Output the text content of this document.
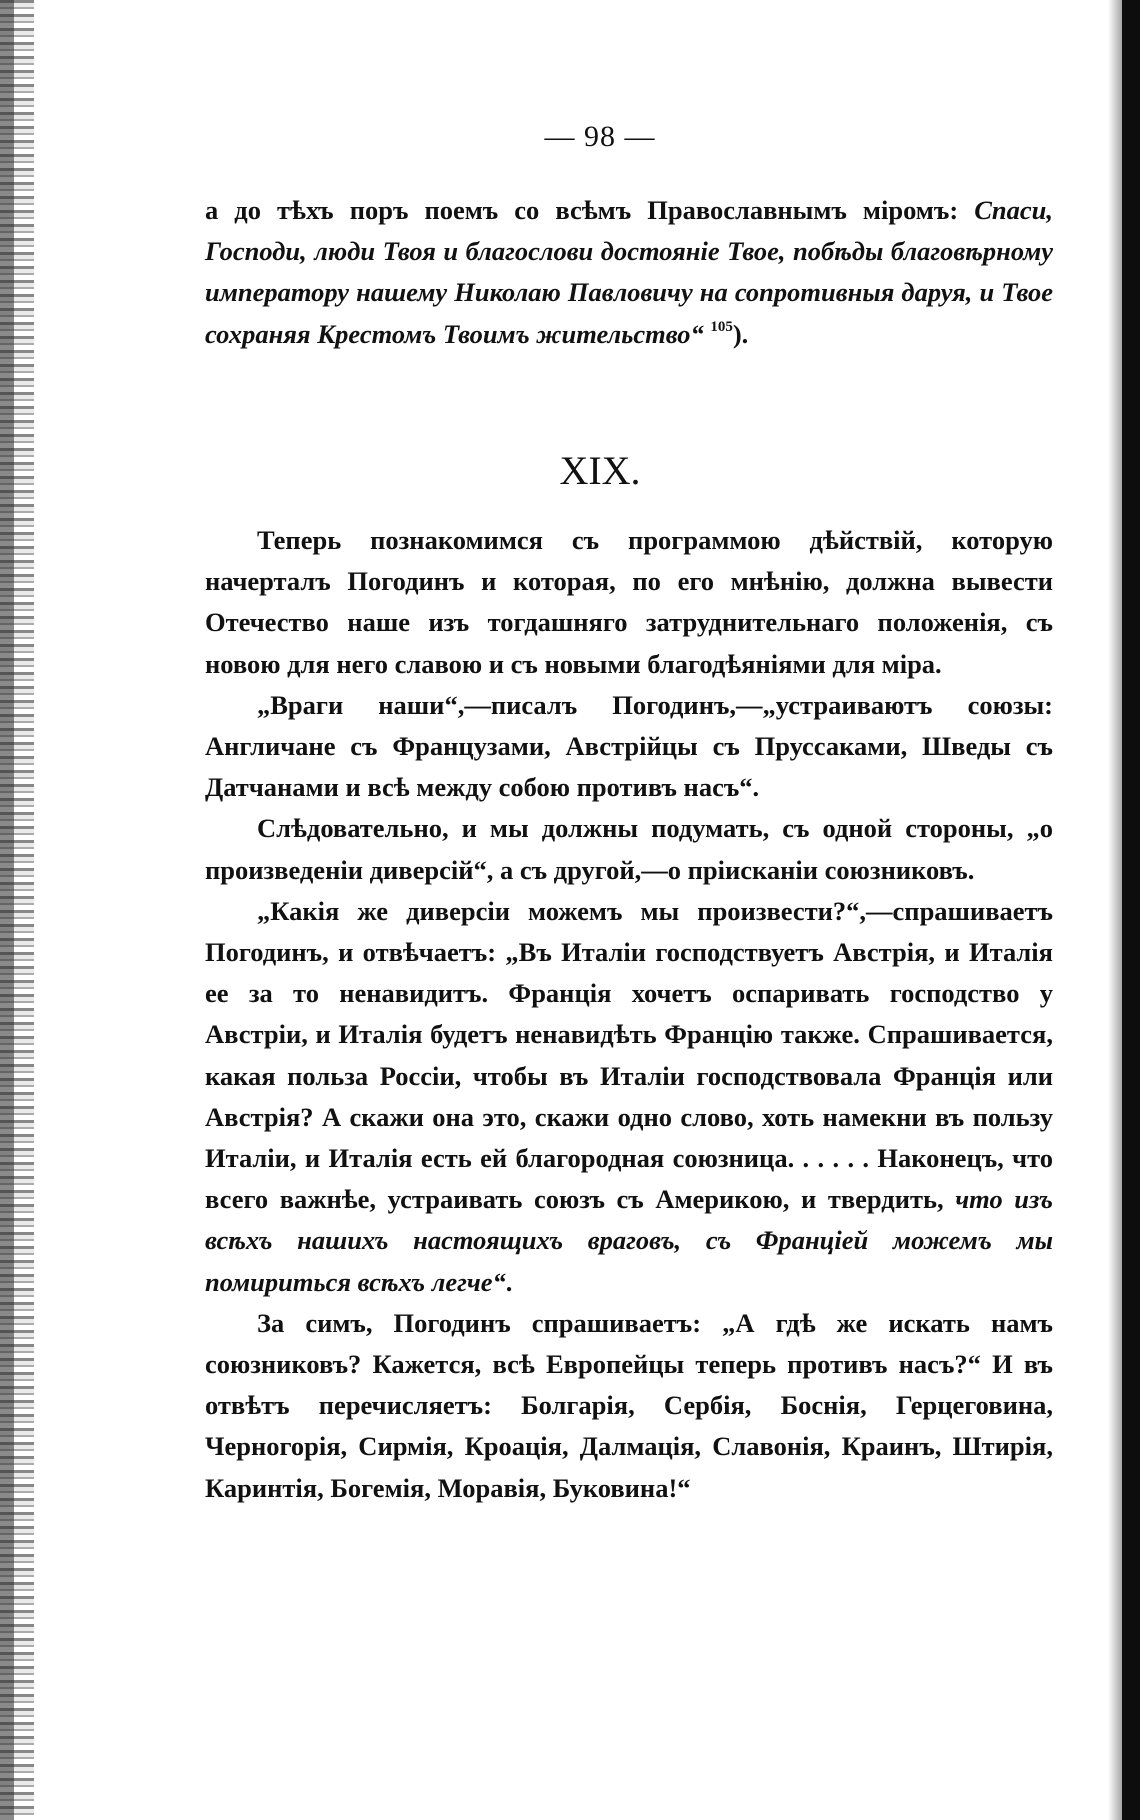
— 98 —

а до тѣхъ поръ поемъ со всѣмъ Православнымъ міромъ: Спаси, Господи, люди Твоя и благослови достояніе Твое, побѣды благовѣрному императору нашему Николаю Павловичу на сопротивныя даруя, и Твое сохраняя Крестомъ Твоимъ жительство“ $^{105}$).

XIX.

Теперь познакомимся съ программою дѣйствій, которую начерталъ Погодинъ и которая, по его мнѣнію, должна вывести Отечество наше изъ тогдашняго затруднительнаго положенія, съ новою для него славою и съ новыми благодѣяніями для міра.

„Враги наши“,—писалъ Погодинъ,—„устраиваютъ союзы: Англичане съ Французами, Австрійцы съ Пруссаками, Шведы съ Датчанами и всѣ между собою противъ насъ“.

Слѣдовательно, и мы должны подумать, съ одной стороны, „о произведеніи диверсій“, а съ другой,—о пріисканіи союзниковъ.

„Какія же диверсіи можемъ мы произвести?“,—спрашиваетъ Погодинъ, и отвѣчаетъ: „Въ Италіи господствуетъ Австрія, и Италія ее за то ненавидитъ. Франція хочетъ оспаривать господство у Австріи, и Италія будетъ ненавидѣть Францію также. Спрашивается, какая польза Россіи, чтобы въ Италіи господствовала Франція или Австрія? А скажи она это, скажи одно слово, хоть намекни въ пользу Италіи, и Италія есть ей благородная союзница. . . . . . Наконецъ, что всего важнѣе, устраивать союзъ съ Америкою, и твердить, что изъ всѣхъ нашихъ настоящихъ враговъ, съ Франціей можемъ мы помириться всѣхъ легче“.

За симъ, Погодинъ спрашиваетъ: „А гдѣ же искать намъ союзниковъ? Кажется, всѣ Европейцы теперь противъ насъ?“ И въ отвѣтъ перечисляетъ: Болгарія, Сербія, Боснія, Герцеговина, Черногорія, Сирмія, Кроація, Далмація, Славонія, Краинъ, Штирія, Каринтія, Богемія, Моравія, Буковина!“
